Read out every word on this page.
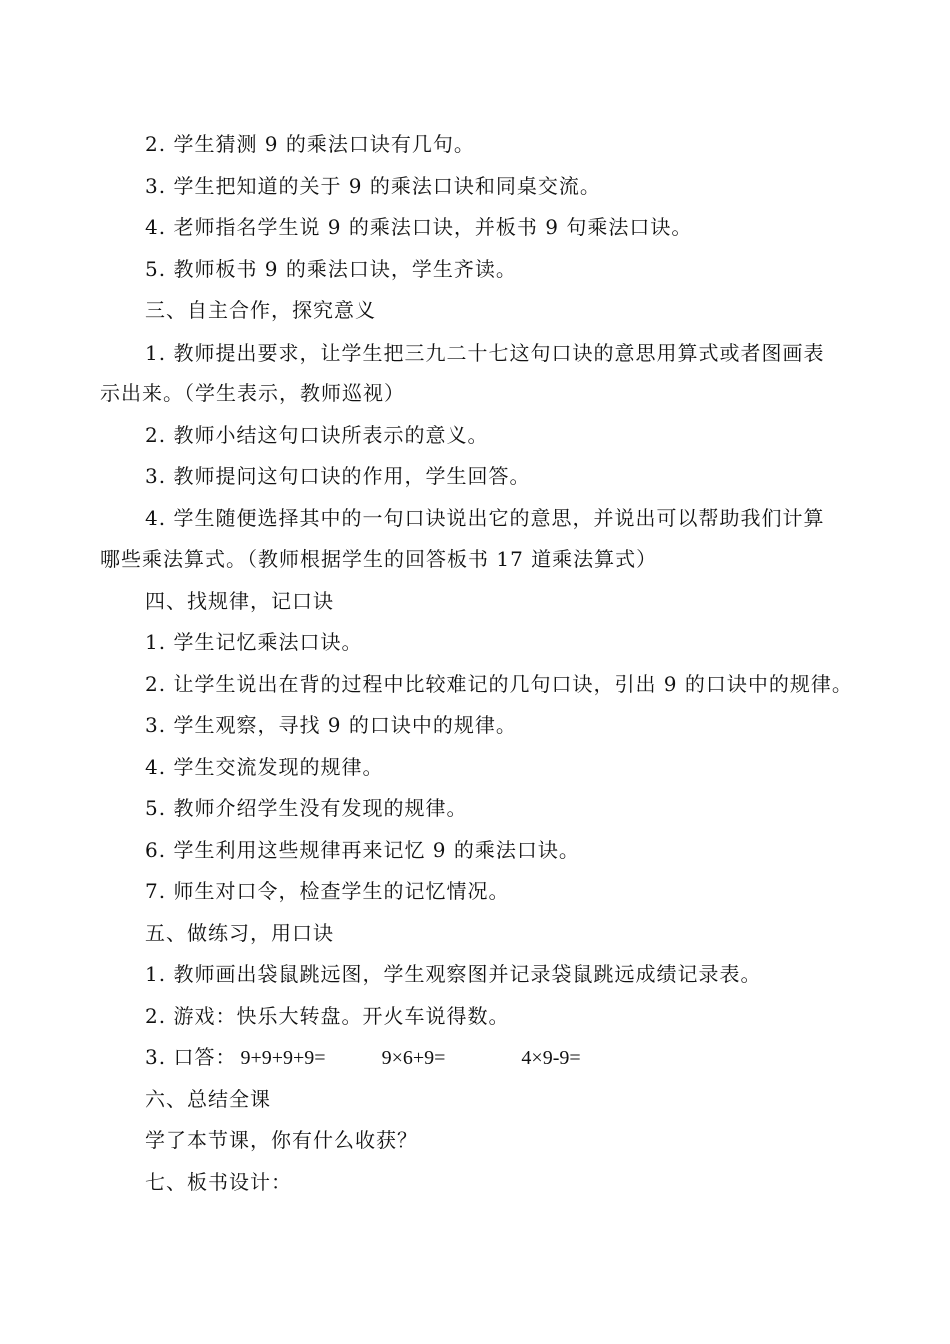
2. 学生猜测 9 的乘法口诀有几句。
3. 学生把知道的关于 9 的乘法口诀和同桌交流。
4. 老师指名学生说 9 的乘法口诀，并板书 9 句乘法口诀。
5. 教师板书 9 的乘法口诀，学生齐读。
三、自主合作，探究意义
1. 教师提出要求，让学生把三九二十七这句口诀的意思用算式或者图画表
示出来。（学生表示，教师巡视）
2. 教师小结这句口诀所表示的意义。
3. 教师提问这句口诀的作用，学生回答。
4. 学生随便选择其中的一句口诀说出它的意思，并说出可以帮助我们计算
哪些乘法算式。（教师根据学生的回答板书 17 道乘法算式）
四、找规律，记口诀
1. 学生记忆乘法口诀。
2. 让学生说出在背的过程中比较难记的几句口诀，引出 9 的口诀中的规律。
3. 学生观察，寻找 9 的口诀中的规律。
4. 学生交流发现的规律。
5. 教师介绍学生没有发现的规律。
6. 学生利用这些规律再来记忆 9 的乘法口诀。
7. 师生对口令，检查学生的记忆情况。
五、做练习，用口诀
1. 教师画出袋鼠跳远图，学生观察图并记录袋鼠跳远成绩记录表。
2. 游戏：快乐大转盘。开火车说得数。
3. 口答： 9+9+9+9=	9×6+9=	4×9-9=
六、总结全课
学了本节课，你有什么收获？
七、板书设计：
